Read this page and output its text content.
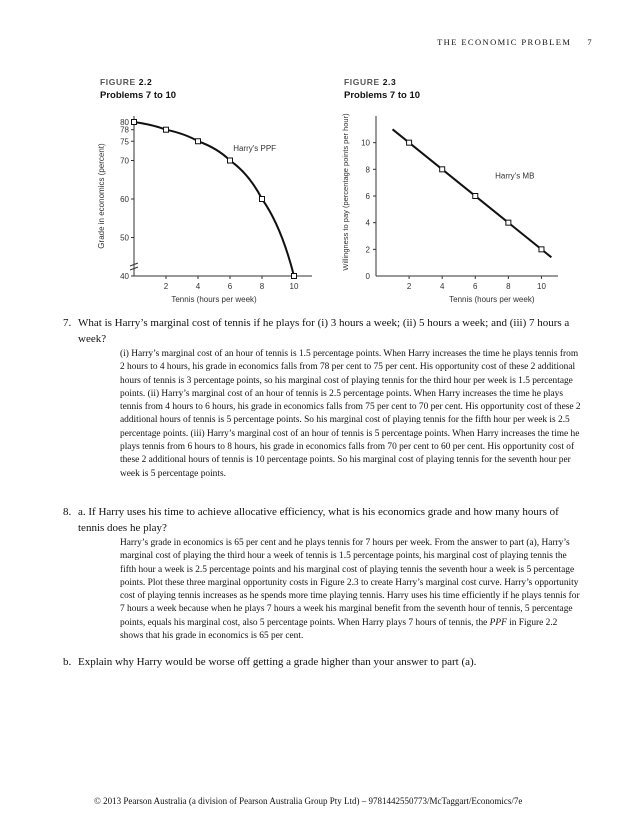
THE ECONOMIC PROBLEM 7
FIGURE 2.2
Problems 7 to 10
40
50
60
70
75
78
80
2	4	6	8	10
Harry's PPF
Tennis (hours per week)
Grade in economics (percent)
FIGURE 2.3
Problems 7 to 10
0
2
4
6
8
10
2	4	6	8	10
Harry's MB
Tennis (hours per week)
Willingness to pay (percentage points per hour)
7. What is Harry’s marginal cost of tennis if he plays for (i) 3 hours a week; (ii) 5 hours a week; and (iii) 7 hours a week?
(i) Harry’s marginal cost of an hour of tennis is 1.5 percentage points. When Harry increases the time he plays tennis from 2 hours to 4 hours, his grade in economics falls from 78 per cent to 75 per cent. His opportunity cost of these 2 additional hours of tennis is 3 percentage points, so his marginal cost of playing tennis for the third hour per week is 1.5 percentage points. (ii) Harry’s marginal cost of an hour of tennis is 2.5 percentage points. When Harry increases the time he plays tennis from 4 hours to 6 hours, his grade in economics falls from 75 per cent to 70 per cent. His opportunity cost of these 2 additional hours of tennis is 5 percentage points. So his marginal cost of playing tennis for the fifth hour per week is 2.5 percentage points. (iii) Harry’s marginal cost of an hour of tennis is 5 percentage points. When Harry increases the time he plays tennis from 6 hours to 8 hours, his grade in economics falls from 70 per cent to 60 per cent. His opportunity cost of these 2 additional hours of tennis is 10 percentage points. So his marginal cost of playing tennis for the seventh hour per week is 5 percentage points.
8. a. If Harry uses his time to achieve allocative efficiency, what is his economics grade and how many hours of tennis does he play?
Harry’s grade in economics is 65 per cent and he plays tennis for 7 hours per week. From the answer to part (a), Harry’s marginal cost of playing the third hour a week of tennis is 1.5 percentage points, his marginal cost of playing tennis the fifth hour a week is 2.5 percentage points and his marginal cost of playing tennis the seventh hour a week is 5 percentage points. Plot these three marginal opportunity costs in Figure 2.3 to create Harry’s marginal cost curve. Harry’s opportunity cost of playing tennis increases as he spends more time playing tennis. Harry uses his time efficiently if he plays tennis for 7 hours a week because when he plays 7 hours a week his marginal benefit from the seventh hour of tennis, 5 percentage points, equals his marginal cost, also 5 percentage points. When Harry plays 7 hours of tennis, the PPF in Figure 2.2 shows that his grade in economics is 65 per cent.
b. Explain why Harry would be worse off getting a grade higher than your answer to part (a).
© 2013 Pearson Australia (a division of Pearson Australia Group Pty Ltd) – 9781442550773/McTaggart/Economics/7e
